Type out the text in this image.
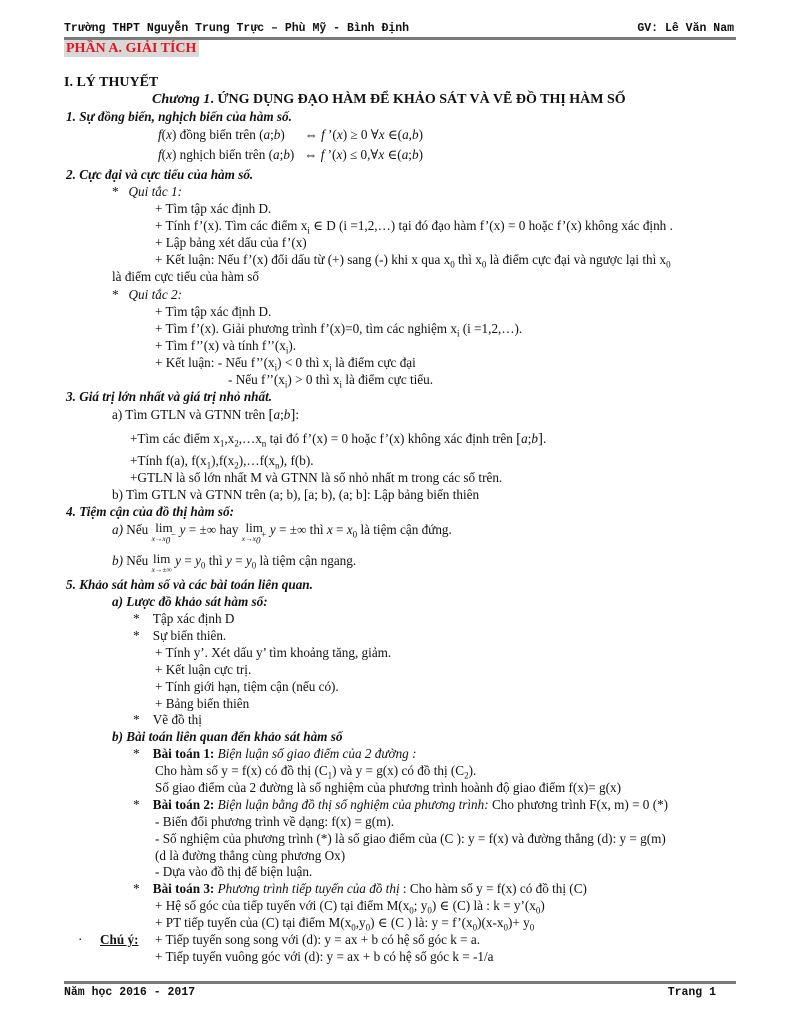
Trường THPT Nguyễn Trung Trực – Phù Mỹ - Bình Định	GV: Lê Văn Nam
PHẦN A. GIẢI TÍCH
I. LÝ THUYẾT
Chương 1. ỨNG DỤNG ĐẠO HÀM ĐỂ KHẢO SÁT VÀ VẼ ĐỒ THỊ HÀM SỐ
1. Sự đồng biến, nghịch biến của hàm số.
f(x) đồng biến trên (a;b)      ⇔ f ’(x) ≥ 0 ∀x ∈(a,b)
f(x) nghịch biến trên (a;b)   ⇔ f ’(x) ≤ 0,∀x ∈(a;b)
2. Cực đại và cực tiểu của hàm số.
* Qui tắc 1:
+ Tìm tập xác định D.
+ Tính f’(x). Tìm các điểm $x_i$ ∈ D (i =1,2,…) tại đó đạo hàm f’(x) = 0 hoặc f’(x) không xác định .
+ Lập bảng xét dấu của f’(x)
+ Kết luận: Nếu f’(x) đổi dấu từ (+) sang (-) khi x qua $x_0$ thì $x_0$ là điểm cực đại và ngược lại thì $x_0$
là điểm cực tiểu của hàm số
* Qui tắc 2:
+ Tìm tập xác định D.
+ Tìm f’(x). Giải phương trình f’(x)=0, tìm các nghiệm $x_i$ (i =1,2,…).
+ Tìm f’’(x) và tính $f’’(x_i)$.
+ Kết luận: - Nếu $f’’(x_i) < 0$ thì $x_i$ là điểm cực đại
- Nếu $f’’(x_i) > 0$ thì $x_i$ là điểm cực tiểu.
3. Giá trị lớn nhất và giá trị nhỏ nhất.
a) Tìm GTLN và GTNN trên [a;b]:
+Tìm các điểm $x_1,x_2,\dots x_n$ tại đó f’(x) = 0 hoặc f’(x) không xác định trên [a;b].
+Tính f(a), $f(x_1),f(x_2),\dots f(x_n)$, f(b).
+GTLN là số lớn nhất M và GTNN là số nhỏ nhất m trong các số trên.
b) Tìm GTLN và GTNN trên (a; b), [a; b), (a; b]: Lập bảng biến thiên
4. Tiệm cận của đồ thị hàm số:
a) Nếu lim
$x\to x_0^-$ y = ±∞ hay lim
$x\to x_0^+$ y = ±∞ thì $x = x_0$ là tiệm cận đứng.
b) Nếu lim
x→±∞
$y = y_0$ thì $y = y_0$ là tiệm cận ngang.
5. Khảo sát hàm số và các bài toán liên quan.
a) Lược đồ khảo sát hàm số:
*    Tập xác định D
*    Sự biến thiên.
+ Tính y’. Xét dấu y’ tìm khoảng tăng, giảm.
+ Kết luận cực trị.
+ Tính giới hạn, tiệm cận (nếu có).
+ Bảng biến thiên
*    Vẽ đồ thị
b) Bài toán liên quan đến khảo sát hàm số
*    Bài toán 1: Biện luận số giao điểm của 2 đường :
Cho hàm số y = f(x) có đồ thị $(C_1)$ và y = g(x) có đồ thị $(C_2)$.
Số giao điểm của 2 đường là số nghiệm của phương trình hoành độ giao điểm f(x)= g(x)
*    Bài toán 2: Biện luận bằng đồ thị số nghiệm của phương trình: Cho phương trình F(x, m) = 0 (*)
- Biến đổi phương trình về dạng: f(x) = g(m).
- Số nghiệm của phương trình (*) là số giao điểm của (C ): y = f(x) và đường thẳng (d): y = g(m)
(d là đường thẳng cùng phương Ox)
- Dựa vào đồ thị để biện luận.
*    Bài toán 3: Phương trình tiếp tuyến của đồ thị : Cho hàm số y = f(x) có đồ thị (C)
+ Hệ số góc của tiếp tuyến với (C) tại điểm $M(x_0$; $y_0$) ∈ (C) là : $k = y’(x_0)$
+ PT tiếp tuyến của (C) tại điểm $M(x_0,y_0)$ ∈ (C ) là: $y = f’(x_0)(x-x_0)+ y_0$
· Chú ý: + Tiếp tuyến song song với (d): y = ax + b có hệ số góc k = a.
+ Tiếp tuyến vuông góc với (d): y = ax + b có hệ số góc k = -1/a
Năm học 2016 - 2017	Trang 1
